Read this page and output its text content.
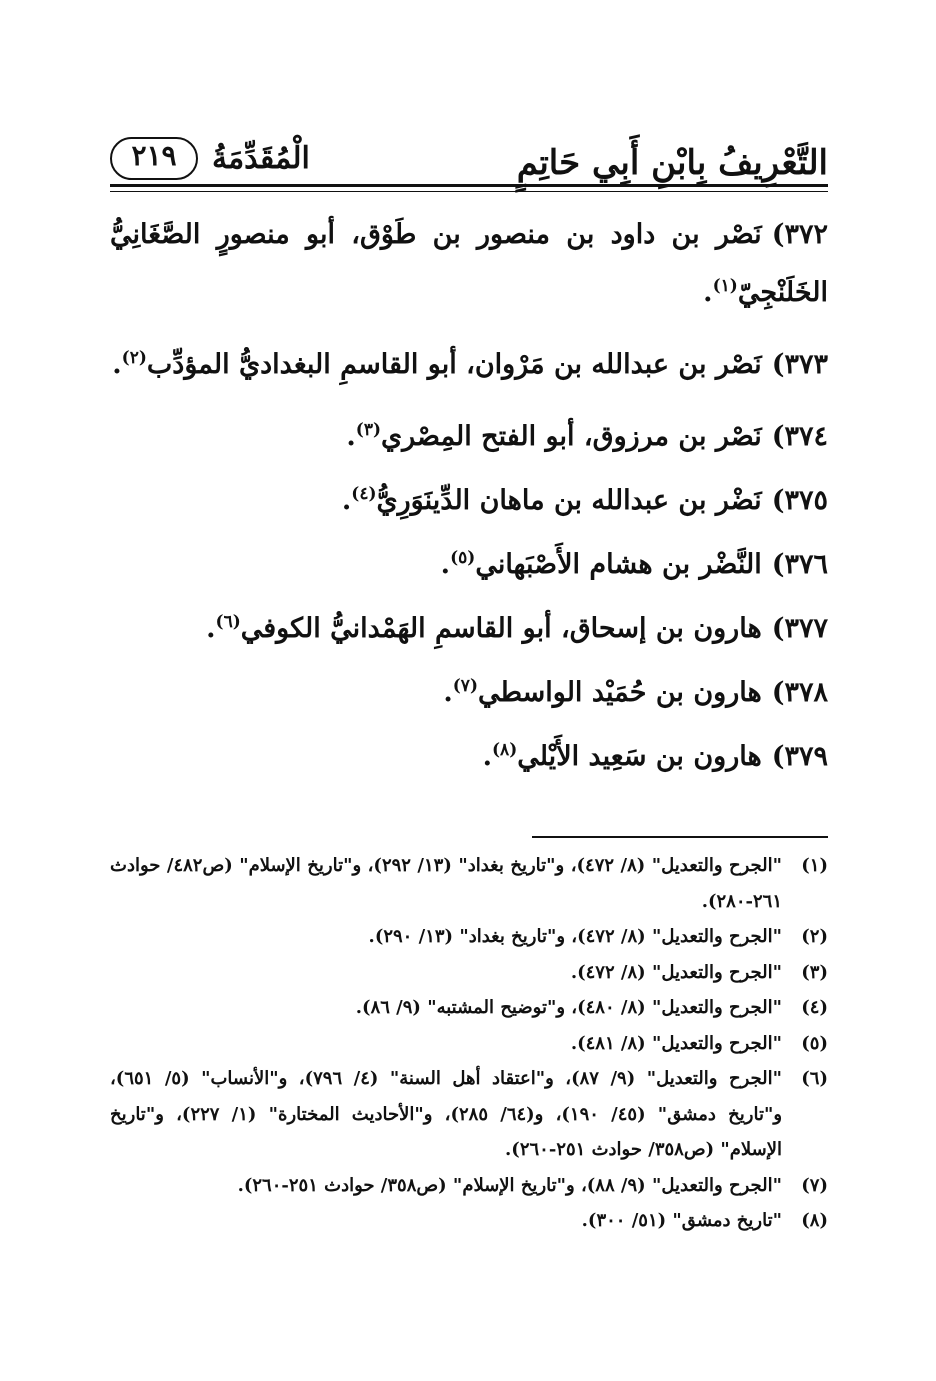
التَّعْرِيفُ بِابْنِ أَبِي حَاتِمٍ
الْمُقَدِّمَةُ
٢١٩

٣٧٢)نَصْر بن داود بن منصور بن طَوْق، أبو منصورٍ الصَّغَانِيُّ الخَلَنْجِيّ$^{(١)}$.

٣٧٣)نَصْر بن عبدالله بن مَرْوان، أبو القاسمِ البغداديُّ المؤدِّب$^{(٢)}$.

٣٧٤)نَصْر بن مرزوق، أبو الفتح المِصْري$^{(٣)}$.

٣٧٥)نَضْر بن عبدالله بن ماهان الدِّينَوَرِيُّ$^{(٤)}$.

٣٧٦)النَّضْر بن هشام الأَصْبَهاني$^{(٥)}$.

٣٧٧)هارون بن إسحاق، أبو القاسمِ الهَمْدانيُّ الكوفي$^{(٦)}$.

٣٧٨)هارون بن حُمَيْد الواسطي$^{(٧)}$.

٣٧٩)هارون بن سَعِيد الأَيْلي$^{(٨)}$.

(١)
"الجرح والتعديل" (٨/ ٤٧٢)، و"تاريخ بغداد" (١٣/ ٢٩٢)، و"تاريخ الإسلام" (ص٤٨٢/ حوادث ٢٦١-٢٨٠).
(٢)
"الجرح والتعديل" (٨/ ٤٧٢)، و"تاريخ بغداد" (١٣/ ٢٩٠).
(٣)
"الجرح والتعديل" (٨/ ٤٧٢).
(٤)
"الجرح والتعديل" (٨/ ٤٨٠)، و"توضيح المشتبه" (٩/ ٨٦).
(٥)
"الجرح والتعديل" (٨/ ٤٨١).
(٦)
"الجرح والتعديل" (٩/ ٨٧)، و"اعتقاد أهل السنة" (٤/ ٧٩٦)، و"الأنساب" (٥/ ٦٥١)، و"تاريخ دمشق" (٤٥/ ١٩٠)، و(٦٤/ ٢٨٥)، و"الأحاديث المختارة" (١/ ٢٢٧)، و"تاريخ الإسلام" (ص٣٥٨/ حوادث ٢٥١-٢٦٠).
(٧)
"الجرح والتعديل" (٩/ ٨٨)، و"تاريخ الإسلام" (ص٣٥٨/ حوادث ٢٥١-٢٦٠).
(٨)
"تاريخ دمشق" (٥١/ ٣٠٠).
